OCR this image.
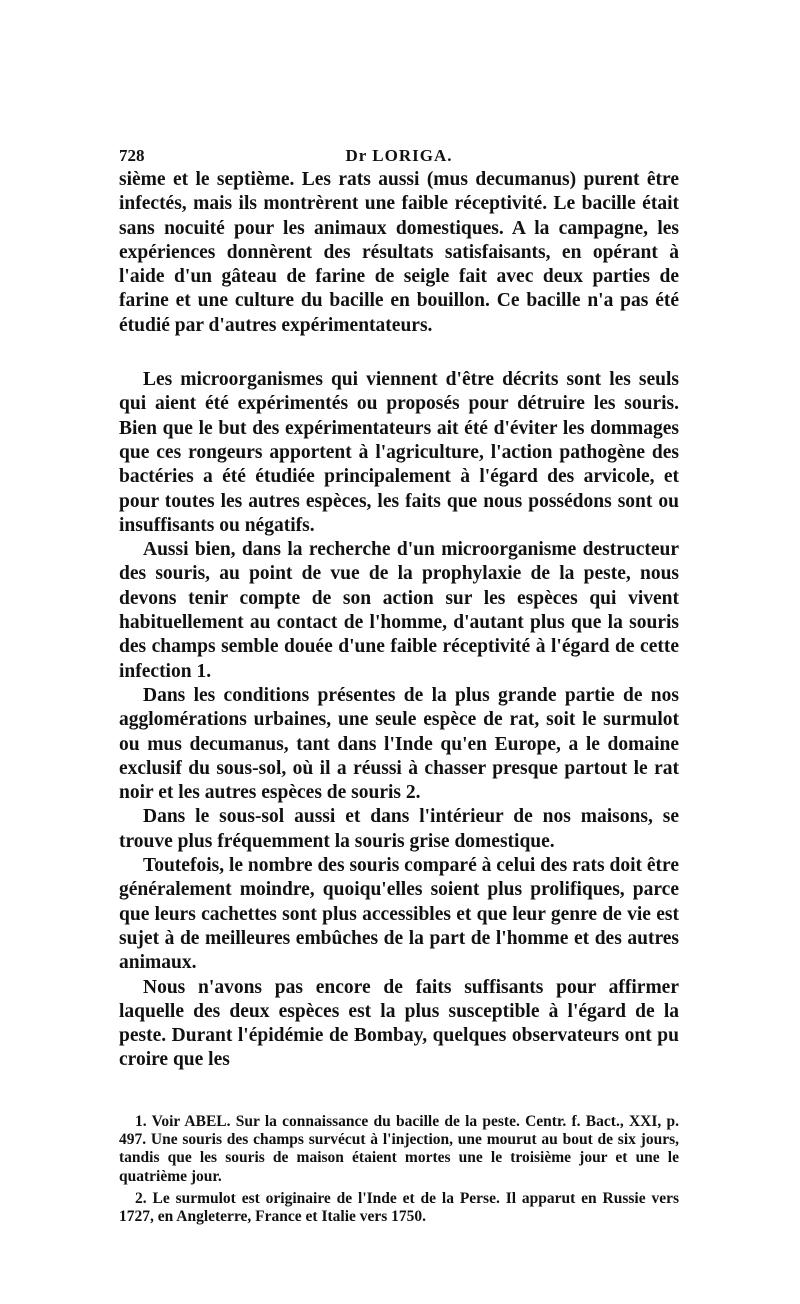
728	Dr LORIGA.

sième et le septième. Les rats aussi (mus decumanus) purent être infectés, mais ils montrèrent une faible réceptivité. Le bacille était sans nocuité pour les animaux domestiques. A la campagne, les expériences donnèrent des résultats satisfaisants, en opérant à l'aide d'un gâteau de farine de seigle fait avec deux parties de farine et une culture du bacille en bouillon. Ce bacille n'a pas été étudié par d'autres expérimentateurs.

Les microorganismes qui viennent d'être décrits sont les seuls qui aient été expérimentés ou proposés pour détruire les souris. Bien que le but des expérimentateurs ait été d'éviter les dommages que ces rongeurs apportent à l'agriculture, l'action pathogène des bactéries a été étudiée principalement à l'égard des arvicole, et pour toutes les autres espèces, les faits que nous possédons sont ou insuffisants ou négatifs.

Aussi bien, dans la recherche d'un microorganisme destructeur des souris, au point de vue de la prophylaxie de la peste, nous devons tenir compte de son action sur les espèces qui vivent habituellement au contact de l'homme, d'autant plus que la souris des champs semble douée d'une faible réceptivité à l'égard de cette infection 1.

Dans les conditions présentes de la plus grande partie de nos agglomérations urbaines, une seule espèce de rat, soit le surmulot ou mus decumanus, tant dans l'Inde qu'en Europe, a le domaine exclusif du sous-sol, où il a réussi à chasser presque partout le rat noir et les autres espèces de souris 2.

Dans le sous-sol aussi et dans l'intérieur de nos maisons, se trouve plus fréquemment la souris grise domestique.

Toutefois, le nombre des souris comparé à celui des rats doit être généralement moindre, quoiqu'elles soient plus prolifiques, parce que leurs cachettes sont plus accessibles et que leur genre de vie est sujet à de meilleures embûches de la part de l'homme et des autres animaux.

Nous n'avons pas encore de faits suffisants pour affirmer laquelle des deux espèces est la plus susceptible à l'égard de la peste. Durant l'épidémie de Bombay, quelques observateurs ont pu croire que les

1. Voir ABEL. Sur la connaissance du bacille de la peste. Centr. f. Bact., XXI, p. 497. Une souris des champs survécut à l'injection, une mourut au bout de six jours, tandis que les souris de maison étaient mortes une le troisième jour et une le quatrième jour.

2. Le surmulot est originaire de l'Inde et de la Perse. Il apparut en Russie vers 1727, en Angleterre, France et Italie vers 1750.
